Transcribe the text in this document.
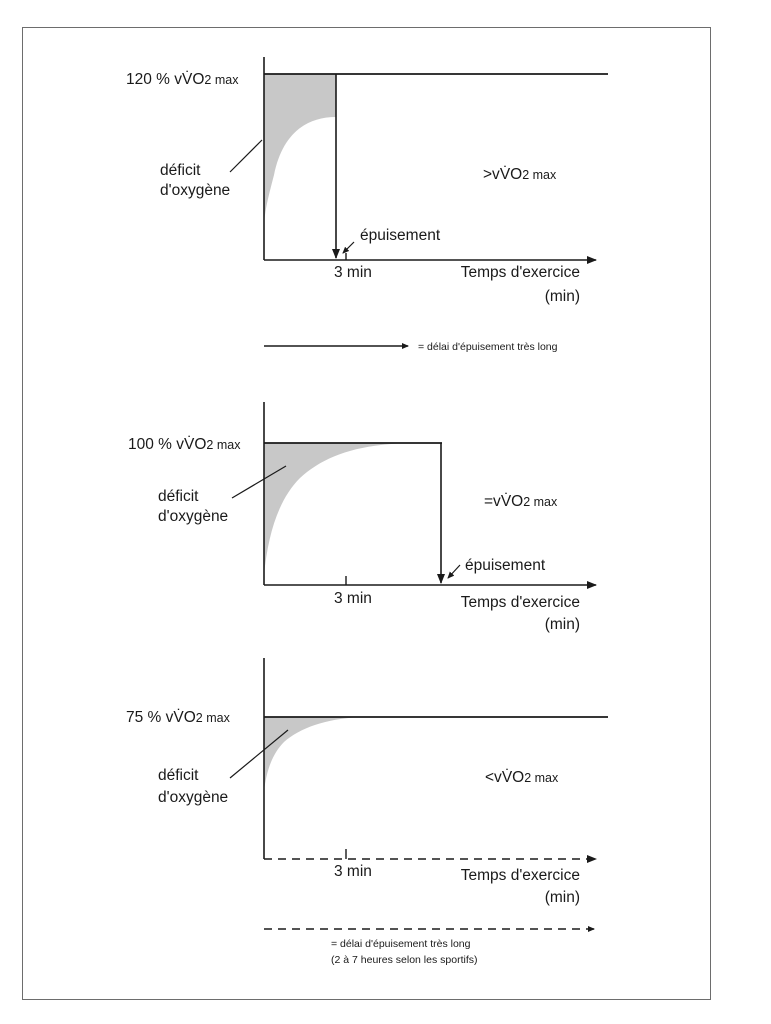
120 % vV̇O2 max
déficit
d'oxygène
>vV̇O2 max
épuisement
3 min	Temps d'exercice
(min)
= délai d'épuisement très long
100 % vV̇O2 max
déficit
d'oxygène
=vV̇O2 max
épuisement
3 min	Temps d'exercice
(min)
75 % vV̇O2 max
déficit
d'oxygène
<vV̇O2 max
3 min	Temps d'exercice
(min)
= délai d'épuisement très long
(2 à 7 heures selon les sportifs)
